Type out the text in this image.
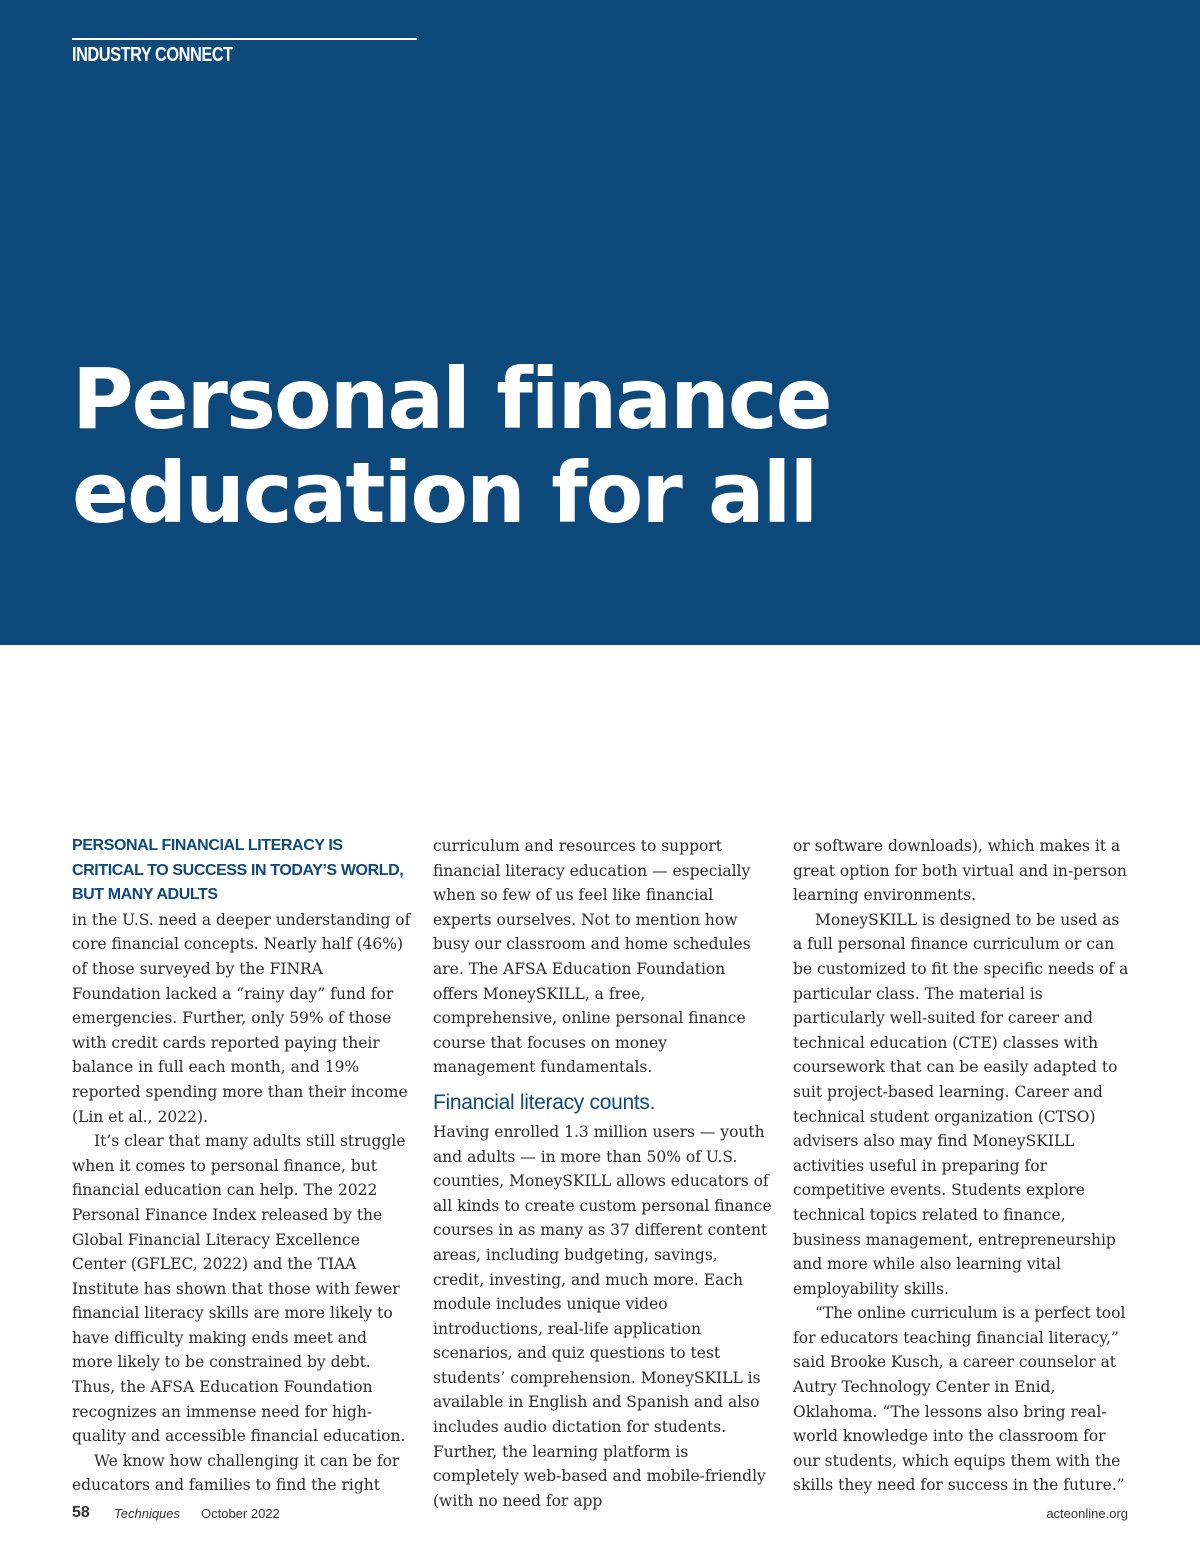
INDUSTRY CONNECT
Personal finance
education for all

PERSONAL FINANCIAL LITERACY IS CRITICAL TO SUCCESS IN TODAY’S WORLD, BUT MANY ADULTS
in the U.S. need a deeper understanding of core financial concepts. Nearly half (46%) of those surveyed by the FINRA Foundation lacked a “rainy day” fund for emergencies. Further, only 59% of those with credit cards reported paying their balance in full each month, and 19% reported spending more than their income (Lin et al., 2022).

It’s clear that many adults still struggle when it comes to personal finance, but financial education can help. The 2022 Personal Finance Index released by the Global Financial Literacy Excellence Center (GFLEC, 2022) and the TIAA Institute has shown that those with fewer financial literacy skills are more likely to have difficulty making ends meet and more likely to be constrained by debt. Thus, the AFSA Education Foundation recognizes an immense need for high-quality and accessible financial education.

We know how challenging it can be for educators and families to find the right

curriculum and resources to support financial literacy education — especially when so few of us feel like financial experts ourselves. Not to mention how busy our classroom and home schedules are. The AFSA Education Foundation offers MoneySKILL, a free, comprehensive, online personal finance course that focuses on money management fundamentals.

Financial literacy counts.

Having enrolled 1.3 million users — youth and adults — in more than 50% of U.S. counties, MoneySKILL allows educators of all kinds to create custom personal finance courses in as many as 37 different content areas, including budgeting, savings, credit, investing, and much more. Each module includes unique video introductions, real-life application scenarios, and quiz questions to test students’ comprehension. MoneySKILL is available in English and Spanish and also includes audio dictation for students. Further, the learning platform is completely web-based and mobile-friendly (with no need for app

or software downloads), which makes it a great option for both virtual and in-person learning environments.

MoneySKILL is designed to be used as a full personal finance curriculum or can be customized to fit the specific needs of a particular class. The material is particularly well-suited for career and technical education (CTE) classes with coursework that can be easily adapted to suit project-based learning. Career and technical student organization (CTSO) advisers also may find MoneySKILL activities useful in preparing for competitive events. Students explore technical topics related to finance, business management, entrepreneurship and more while also learning vital employability skills.

“The online curriculum is a perfect tool for educators teaching financial literacy,” said Brooke Kusch, a career counselor at Autry Technology Center in Enid, Oklahoma. “The lessons also bring real-world knowledge into the classroom for our students, which equips them with the skills they need for success in the future.”

58 Techniques October 2022	acteonline.org
